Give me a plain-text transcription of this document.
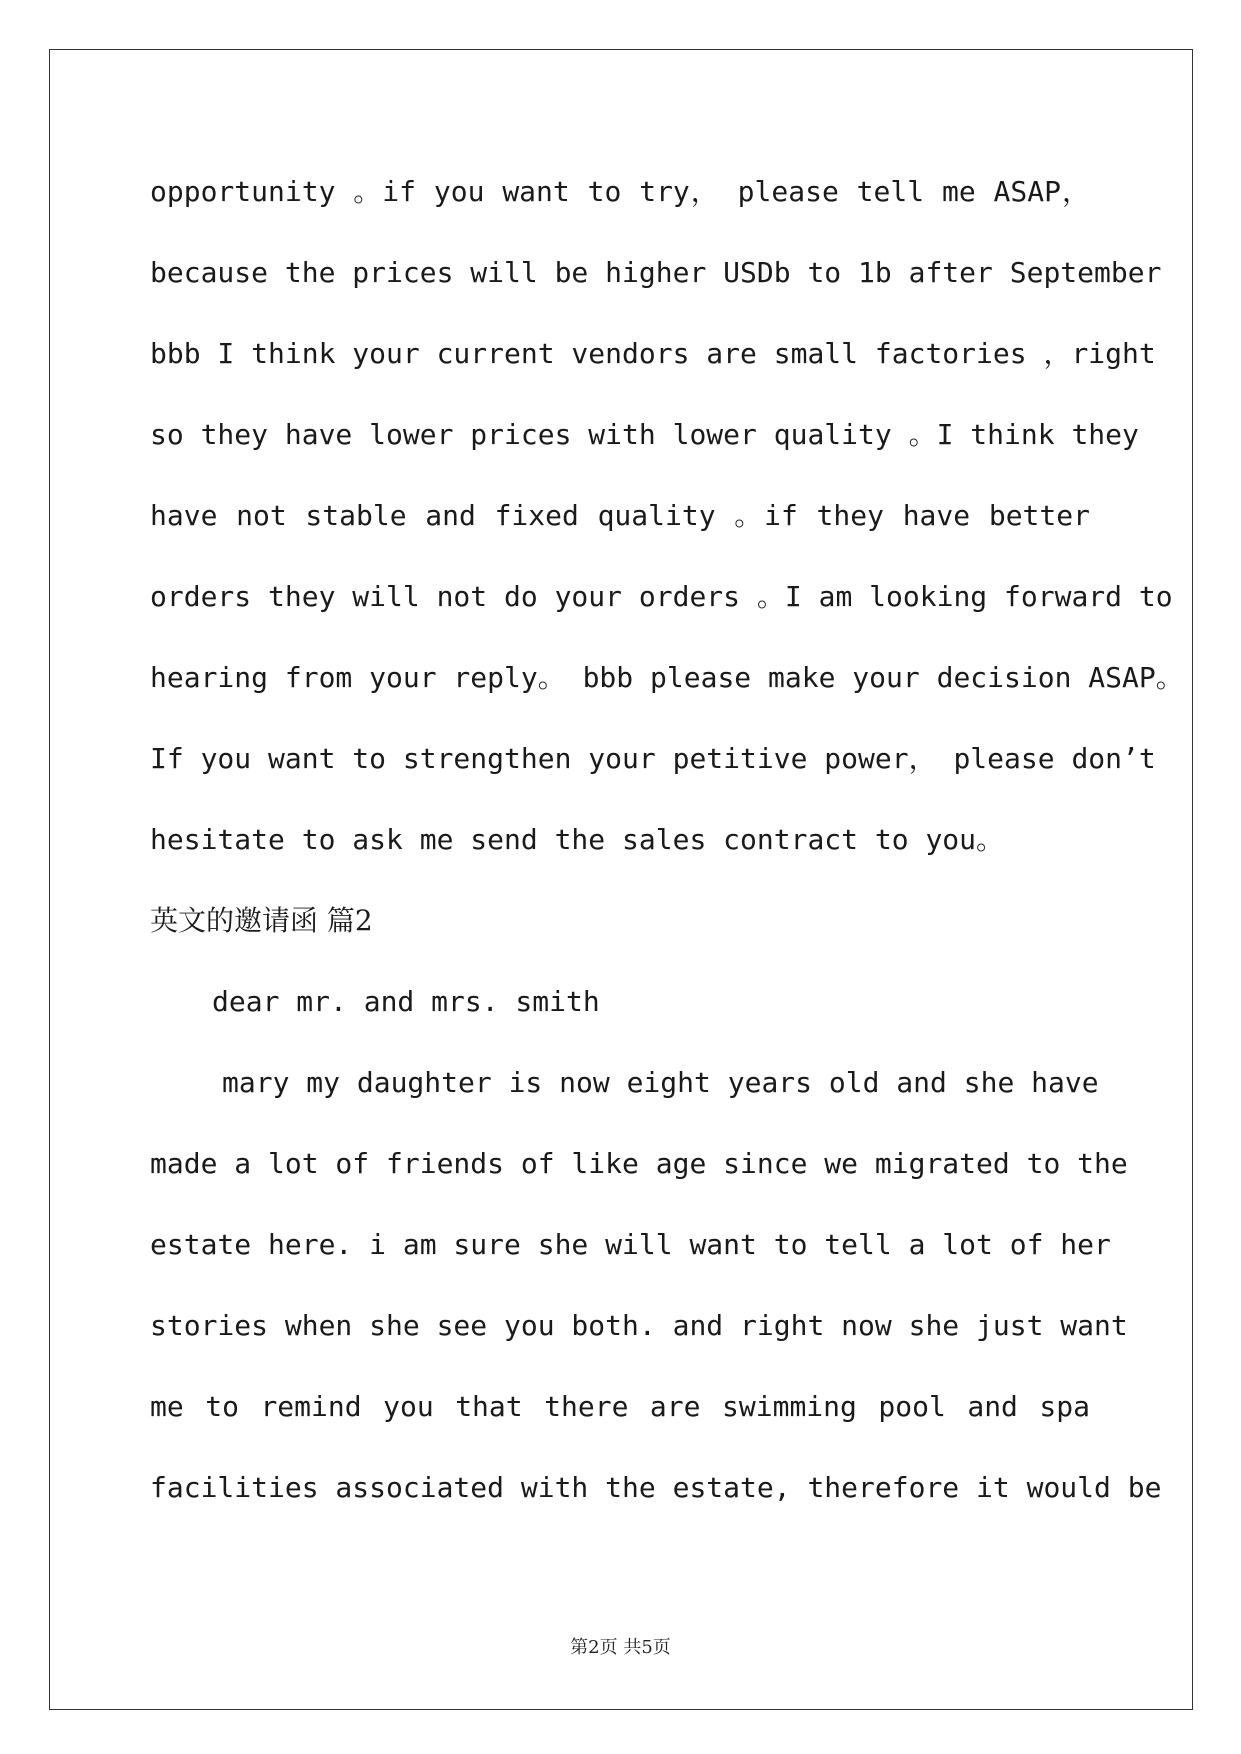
opportunity 。if you want to try， please tell me ASAP，
because the prices will be higher USDb to 1b after September
bbb I think your current vendors are small factories ，right
so they have lower prices with lower quality 。I think they
have not stable and fixed quality 。if they have better
orders they will not do your orders 。I am looking forward to
hearing from your reply。 bbb please make your decision ASAP。
If you want to strengthen your petitive power， please don’t
hesitate to ask me send the sales contract to you。
英文的邀请函 篇2
dear mr. and mrs. smith
mary my daughter is now eight years old and she have
made a lot of friends of like age since we migrated to the
estate here. i am sure she will want to tell a lot of her
stories when she see you both. and right now she just want
me to remind you that there are swimming pool and spa
facilities associated with the estate, therefore it would be
第2页 共5页
